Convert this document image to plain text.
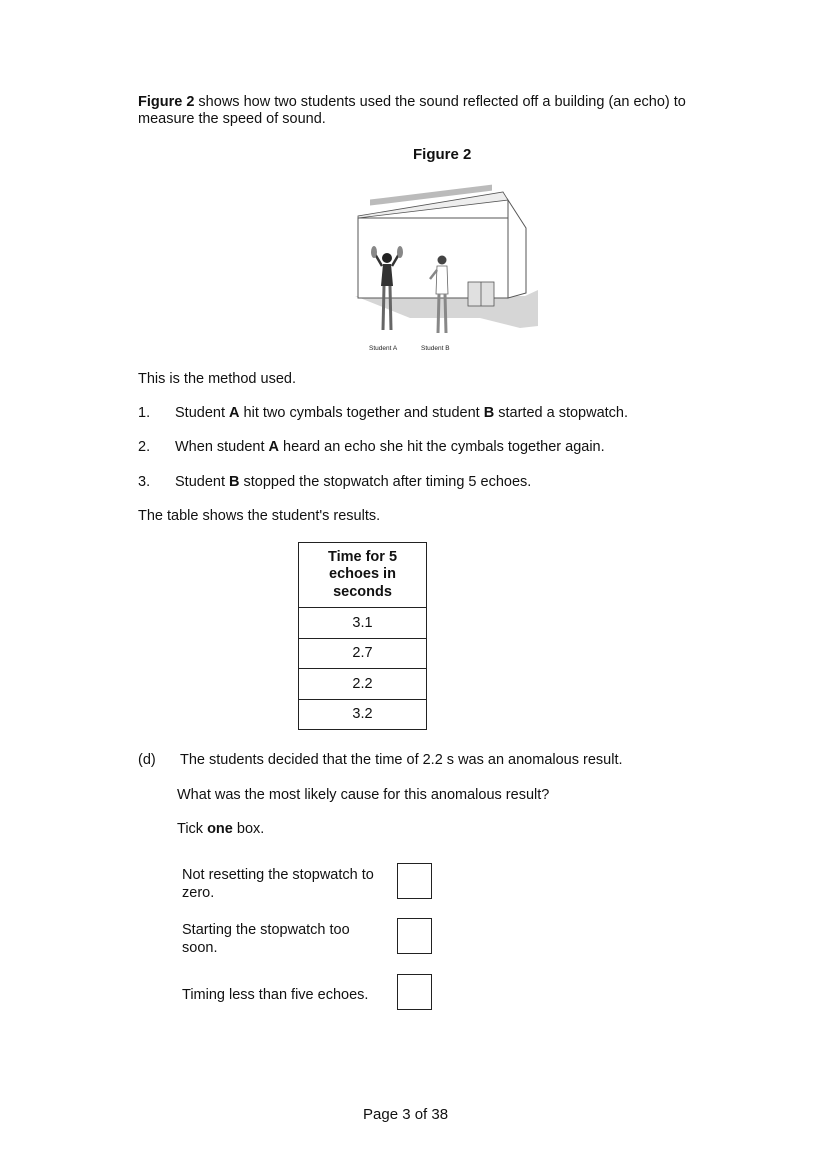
Figure 2 shows how two students used the sound reflected off a building (an echo) to measure the speed of sound.
Figure 2
Student A	Student B
This is the method used.
1. Student A hit two cymbals together and student B started a stopwatch.
2. When student A heard an echo she hit the cymbals together again.
3. Student B stopped the stopwatch after timing 5 echoes.
The table shows the student's results.
Time for 5
echoes in
seconds
3.1
2.7
2.2
3.2
(d) The students decided that the time of 2.2 s was an anomalous result.
What was the most likely cause for this anomalous result?
Tick one box.
Not resetting the stopwatch to
zero.
Starting the stopwatch too
soon.
Timing less than five echoes.
Page 3 of 38
